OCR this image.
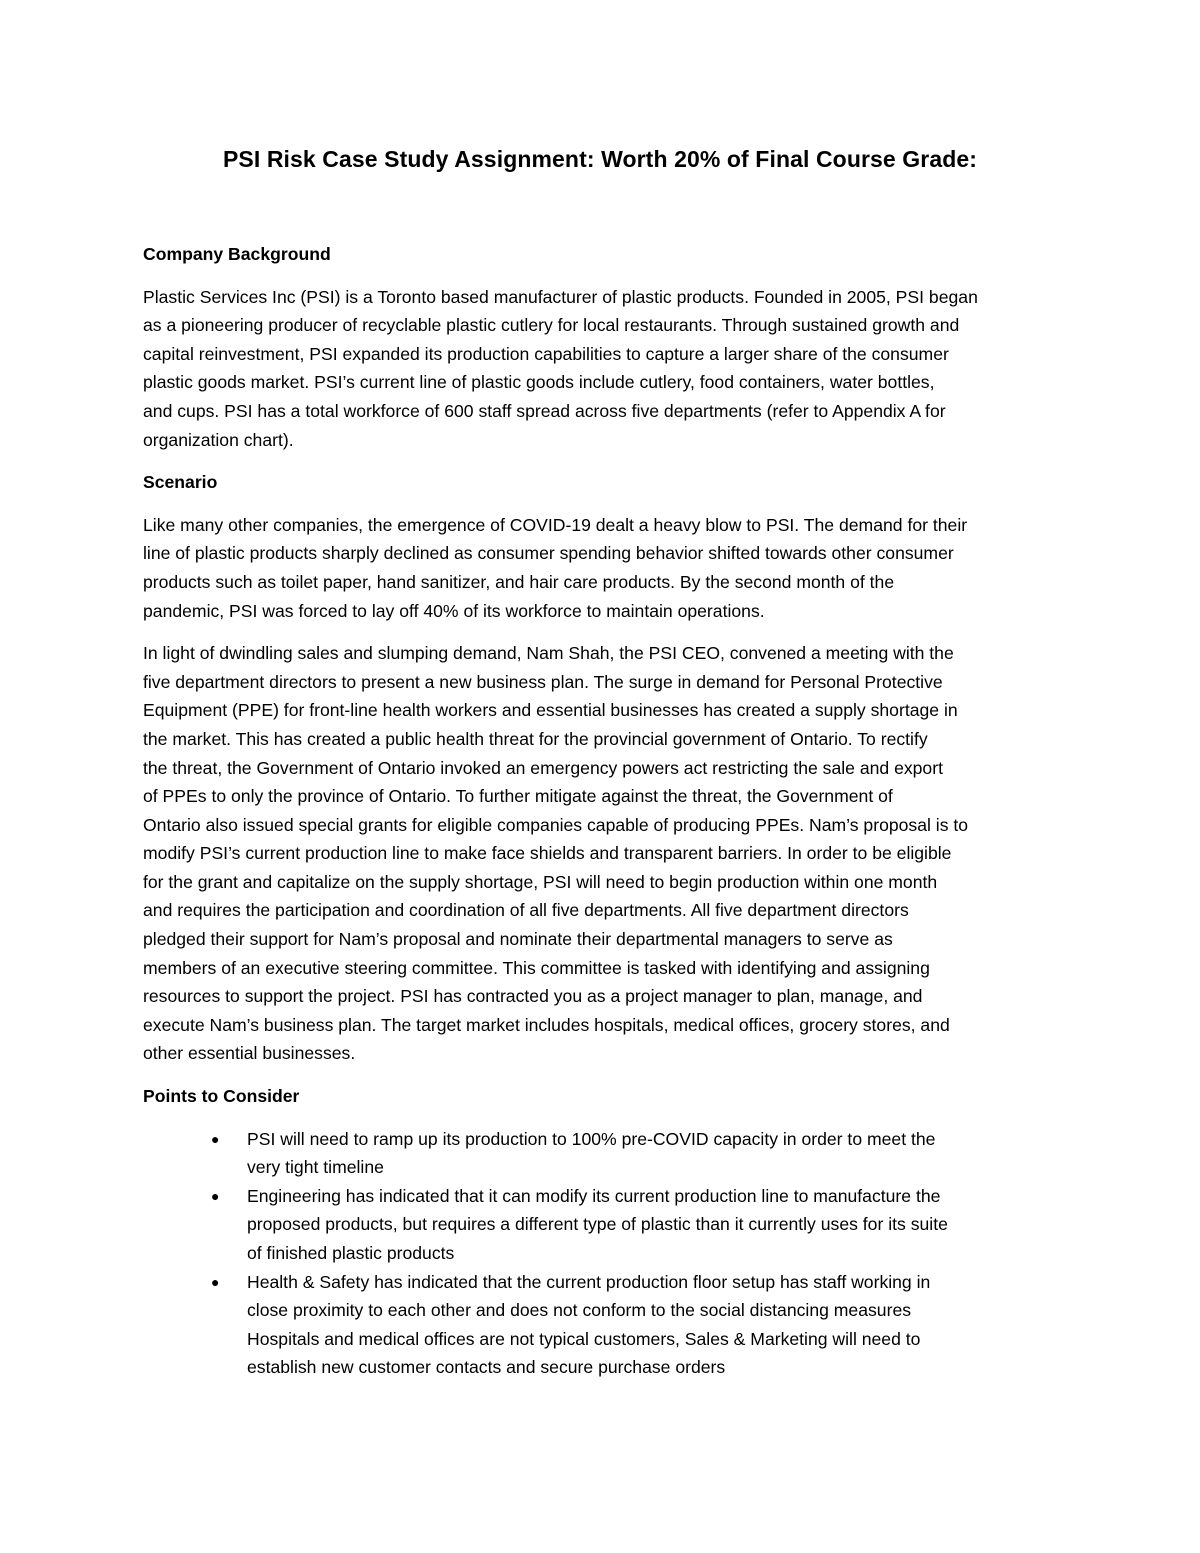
PSI Risk Case Study Assignment: Worth 20% of Final Course Grade:
Company Background
Plastic Services Inc (PSI) is a Toronto based manufacturer of plastic products. Founded in 2005, PSI began
as a pioneering producer of recyclable plastic cutlery for local restaurants. Through sustained growth and
capital reinvestment, PSI expanded its production capabilities to capture a larger share of the consumer
plastic goods market. PSI’s current line of plastic goods include cutlery, food containers, water bottles,
and cups. PSI has a total workforce of 600 staff spread across five departments (refer to Appendix A for
organization chart).
Scenario
Like many other companies, the emergence of COVID-19 dealt a heavy blow to PSI. The demand for their
line of plastic products sharply declined as consumer spending behavior shifted towards other consumer
products such as toilet paper, hand sanitizer, and hair care products. By the second month of the
pandemic, PSI was forced to lay off 40% of its workforce to maintain operations.
In light of dwindling sales and slumping demand, Nam Shah, the PSI CEO, convened a meeting with the
five department directors to present a new business plan. The surge in demand for Personal Protective
Equipment (PPE) for front-line health workers and essential businesses has created a supply shortage in
the market. This has created a public health threat for the provincial government of Ontario. To rectify
the threat, the Government of Ontario invoked an emergency powers act restricting the sale and export
of PPEs to only the province of Ontario. To further mitigate against the threat, the Government of
Ontario also issued special grants for eligible companies capable of producing PPEs. Nam’s proposal is to
modify PSI’s current production line to make face shields and transparent barriers. In order to be eligible
for the grant and capitalize on the supply shortage, PSI will need to begin production within one month
and requires the participation and coordination of all five departments. All five department directors
pledged their support for Nam’s proposal and nominate their departmental managers to serve as
members of an executive steering committee. This committee is tasked with identifying and assigning
resources to support the project. PSI has contracted you as a project manager to plan, manage, and
execute Nam’s business plan. The target market includes hospitals, medical offices, grocery stores, and
other essential businesses.
Points to Consider
● PSI will need to ramp up its production to 100% pre-COVID capacity in order to meet the
very tight timeline
● Engineering has indicated that it can modify its current production line to manufacture the
proposed products, but requires a different type of plastic than it currently uses for its suite
of finished plastic products
● Health & Safety has indicated that the current production floor setup has staff working in
close proximity to each other and does not conform to the social distancing measures
Hospitals and medical offices are not typical customers, Sales & Marketing will need to
establish new customer contacts and secure purchase orders
